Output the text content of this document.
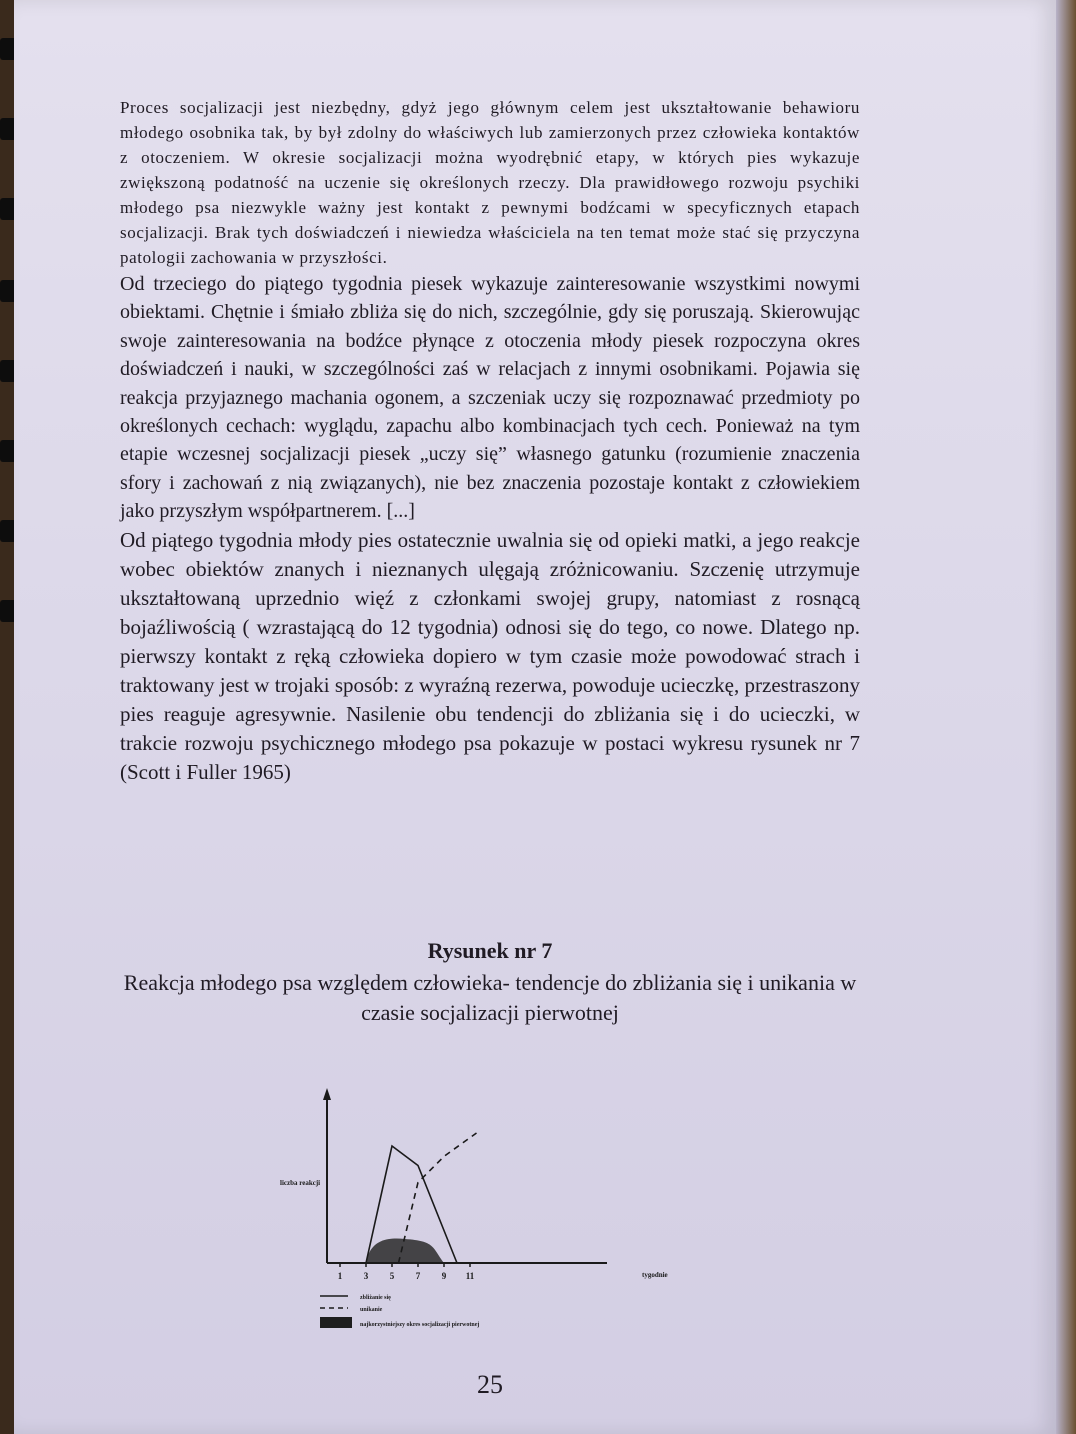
Proces socjalizacji jest niezbędny, gdyż jego głównym celem jest ukształtowanie behawioru młodego osobnika tak, by był zdolny do właściwych lub zamierzonych przez człowieka kontaktów z otoczeniem. W okresie socjalizacji można wyodrębnić etapy, w których pies wykazuje zwiększoną podatność na uczenie się określonych rzeczy. Dla prawidłowego rozwoju psychiki młodego psa niezwykle ważny jest kontakt z pewnymi bodźcami w specyficznych etapach socjalizacji. Brak tych doświadczeń i niewiedza właściciela na ten temat może stać się przyczyna patologii zachowania w przyszłości.

Od trzeciego do piątego tygodnia piesek wykazuje zainteresowanie wszystkimi nowymi obiektami. Chętnie i śmiało zbliża się do nich, szczególnie, gdy się poruszają. Skierowując swoje zainteresowania na bodźce płynące z otoczenia młody piesek rozpoczyna okres doświadczeń i nauki, w szczególności zaś w relacjach z innymi osobnikami. Pojawia się reakcja przyjaznego machania ogonem, a szczeniak uczy się rozpoznawać przedmioty po określonych cechach: wyglądu, zapachu albo kombinacjach tych cech. Ponieważ na tym etapie wczesnej socjalizacji piesek „uczy się” własnego gatunku (rozumienie znaczenia sfory i zachowań z nią związanych), nie bez znaczenia pozostaje kontakt z człowiekiem jako przyszłym współpartnerem. [...]

Od piątego tygodnia młody pies ostatecznie uwalnia się od opieki matki, a jego reakcje wobec obiektów znanych i nieznanych ulęgają zróżnicowaniu. Szczenię utrzymuje ukształtowaną uprzednio więź z członkami swojej grupy, natomiast z rosnącą bojaźliwością ( wzrastającą do 12 tygodnia) odnosi się do tego, co nowe. Dlatego np. pierwszy kontakt z ręką człowieka dopiero w tym czasie może powodować strach i traktowany jest w trojaki sposób: z wyraźną rezerwa, powoduje ucieczkę, przestraszony pies reaguje agresywnie. Nasilenie obu tendencji do zbliżania się i do ucieczki, w trakcie rozwoju psychicznego młodego psa pokazuje w postaci wykresu rysunek nr 7 (Scott i Fuller 1965)

Rysunek nr 7
Reakcja młodego psa względem człowieka- tendencje do zbliżania się i unikania w czasie socjalizacji pierwotnej
1 3 5 7 9 11	tygodnie
liczba reakcji
zbliżanie się
unikanie
najkorzystniejszy okres socjalizacji pierwotnej
25
